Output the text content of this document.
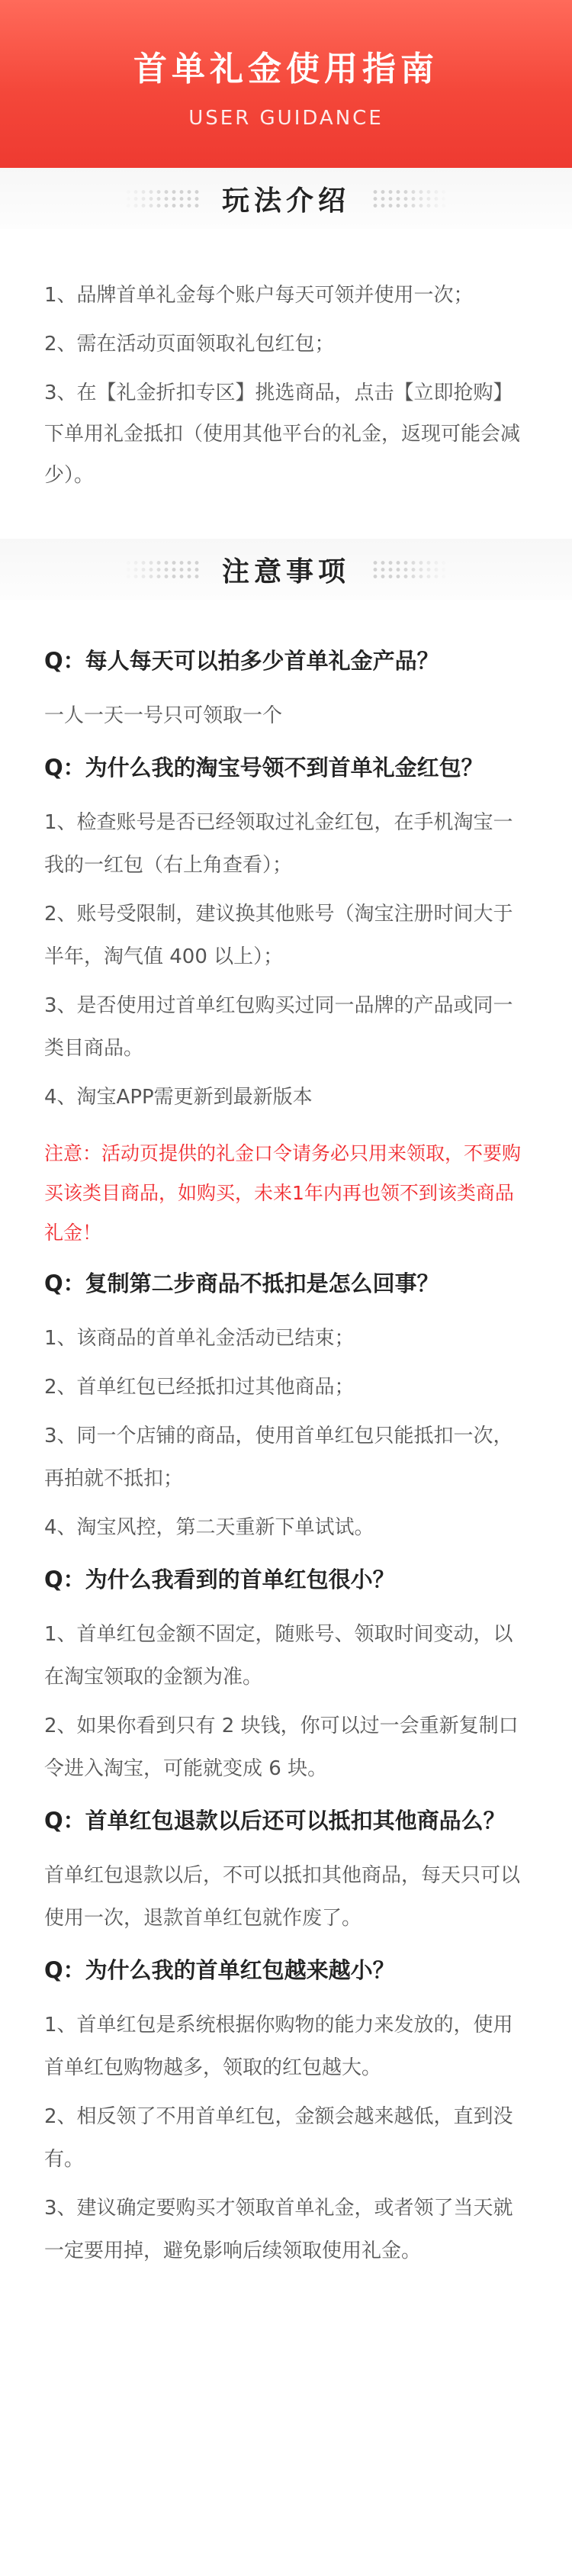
首单礼金使用指南
USER GUIDANCE
玩法介绍

1、品牌首单礼金每个账户每天可领并使用一次；

2、需在活动页面领取礼包红包；

3、在【礼金折扣专区】挑选商品，点击【立即抢购】下单用礼金抵扣（使用其他平台的礼金，返现可能会减少）。

注意事项
Q：每人每天可以拍多少首单礼金产品？

一人一天一号只可领取一个

Q：为什么我的淘宝号领不到首单礼金红包？

1、检查账号是否已经领取过礼金红包，在手机淘宝一我的一红包（右上角查看）；

2、账号受限制，建议换其他账号（淘宝注册时间大于半年，淘气值 400 以上）；

3、是否使用过首单红包购买过同一品牌的产品或同一类目商品。

4、淘宝APP需更新到最新版本

注意：活动页提供的礼金口令请务必只用来领取，不要购买该类目商品，如购买，未来1年内再也领不到该类商品礼金！
Q：复制第二步商品不抵扣是怎么回事？

1、该商品的首单礼金活动已结束；

2、首单红包已经抵扣过其他商品；

3、同一个店铺的商品，使用首单红包只能抵扣一次，再拍就不抵扣；

4、淘宝风控，第二天重新下单试试。

Q：为什么我看到的首单红包很小？

1、首单红包金额不固定，随账号、领取时间变动，以在淘宝领取的金额为准。

2、如果你看到只有 2 块钱，你可以过一会重新复制口令进入淘宝，可能就变成 6 块。

Q：首单红包退款以后还可以抵扣其他商品么？

首单红包退款以后，不可以抵扣其他商品，每天只可以使用一次，退款首单红包就作废了。

Q：为什么我的首单红包越来越小？

1、首单红包是系统根据你购物的能力来发放的，使用首单红包购物越多，领取的红包越大。

2、相反领了不用首单红包，金额会越来越低，直到没有。

3、建议确定要购买才领取首单礼金，或者领了当天就一定要用掉，避免影响后续领取使用礼金。
